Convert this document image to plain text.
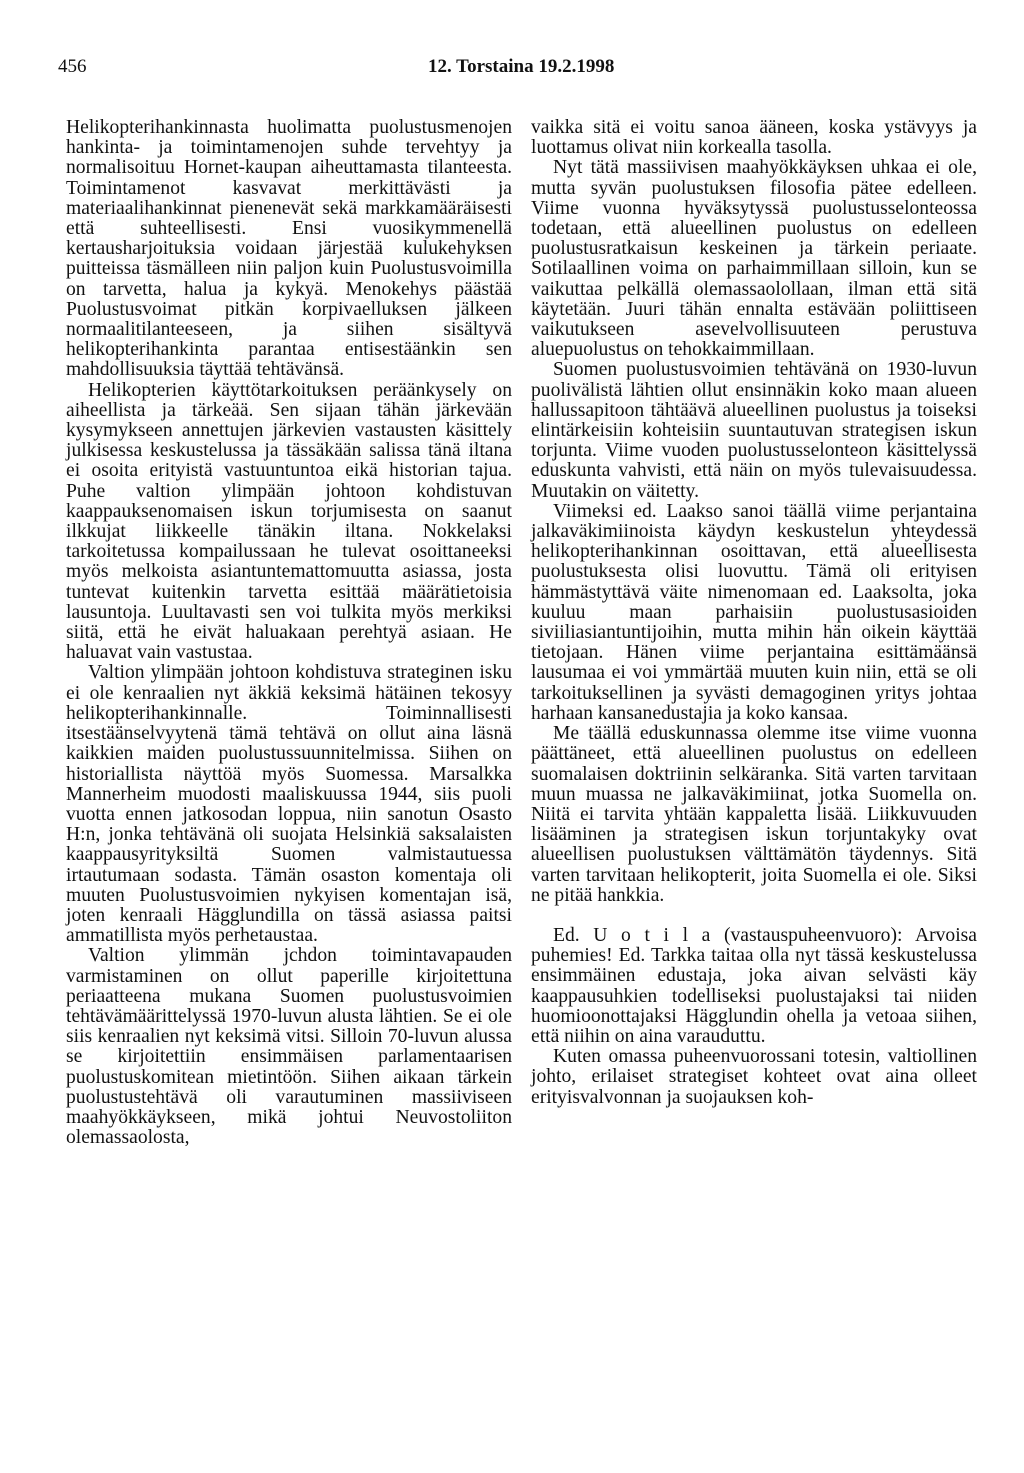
456	12. Torstaina 19.2.1998

Helikopterihankinnasta huolimatta puolustusmenojen hankinta- ja toimintamenojen suhde tervehtyy ja normalisoituu Hornet-kaupan aiheuttamasta tilanteesta. Toimintamenot kasvavat merkittävästi ja materiaalihankinnat pienenevät sekä markkamääräisesti että suhteellisesti. Ensi vuosikymmenellä kertausharjoituksia voidaan järjestää kulukehyksen puitteissa täsmälleen niin paljon kuin Puolustusvoimilla on tarvetta, halua ja kykyä. Menokehys päästää Puolustusvoimat pitkän korpivaelluksen jälkeen normaalitilanteeseen, ja siihen sisältyvä helikopterihankinta parantaa entisestäänkin sen mahdollisuuksia täyttää tehtävänsä.

Helikopterien käyttötarkoituksen peräänkysely on aiheellista ja tärkeää. Sen sijaan tähän järkevään kysymykseen annettujen järkevien vastausten käsittely julkisessa keskustelussa ja tässäkään salissa tänä iltana ei osoita erityistä vastuuntuntoa eikä historian tajua. Puhe valtion ylimpään johtoon kohdistuvan kaappauksenomaisen iskun torjumisesta on saanut ilkkujat liikkeelle tänäkin iltana. Nokkelaksi tarkoitetussa kompailussaan he tulevat osoittaneeksi myös melkoista asiantuntemattomuutta asiassa, josta tuntevat kuitenkin tarvetta esittää määrätietoisia lausuntoja. Luultavasti sen voi tulkita myös merkiksi siitä, että he eivät haluakaan perehtyä asiaan. He haluavat vain vastustaa.

Valtion ylimpään johtoon kohdistuva strateginen isku ei ole kenraalien nyt äkkiä keksimä hätäinen tekosyy helikopterihankinnalle. Toiminnallisesti itsestäänselvyytenä tämä tehtävä on ollut aina läsnä kaikkien maiden puolustussuunnitelmissa. Siihen on historiallista näyttöä myös Suomessa. Marsalkka Mannerheim muodosti maaliskuussa 1944, siis puoli vuotta ennen jatkosodan loppua, niin sanotun Osasto H:n, jonka tehtävänä oli suojata Helsinkiä saksalaisten kaappausyrityksiltä Suomen valmistautuessa irtautumaan sodasta. Tämän osaston komentaja oli muuten Puolustusvoimien nykyisen komentajan isä, joten kenraali Hägglundilla on tässä asiassa paitsi ammatillista myös perhetaustaa.

Valtion ylimmän jchdon toimintavapauden varmistaminen on ollut paperille kirjoitettuna periaatteena mukana Suomen puolustusvoimien tehtävämäärittelyssä 1970-luvun alusta lähtien. Se ei ole siis kenraalien nyt keksimä vitsi. Silloin 70-luvun alussa se kirjoitettiin ensimmäisen parlamentaarisen puolustuskomitean mietintöön. Siihen aikaan tärkein puolustustehtävä oli varautuminen massiiviseen maahyökkäykseen, mikä johtui Neuvostoliiton olemassaolosta,

vaikka sitä ei voitu sanoa ääneen, koska ystävyys ja luottamus olivat niin korkealla tasolla.

Nyt tätä massiivisen maahyökkäyksen uhkaa ei ole, mutta syvän puolustuksen filosofia pätee edelleen. Viime vuonna hyväksytyssä puolustusselonteossa todetaan, että alueellinen puolustus on edelleen puolustusratkaisun keskeinen ja tärkein periaate. Sotilaallinen voima on parhaimmillaan silloin, kun se vaikuttaa pelkällä olemassaolollaan, ilman että sitä käytetään. Juuri tähän ennalta estävään poliittiseen vaikutukseen asevelvollisuuteen perustuva aluepuolustus on tehokkaimmillaan.

Suomen puolustusvoimien tehtävänä on 1930-luvun puolivälistä lähtien ollut ensinnäkin koko maan alueen hallussapitoon tähtäävä alueellinen puolustus ja toiseksi elintärkeisiin kohteisiin suuntautuvan strategisen iskun torjunta. Viime vuoden puolustusselonteon käsittelyssä eduskunta vahvisti, että näin on myös tulevaisuudessa. Muutakin on väitetty.

Viimeksi ed. Laakso sanoi täällä viime perjantaina jalkaväkimiinoista käydyn keskustelun yhteydessä helikopterihankinnan osoittavan, että alueellisesta puolustuksesta olisi luovuttu. Tämä oli erityisen hämmästyttävä väite nimenomaan ed. Laaksolta, joka kuuluu maan parhaisiin puolustusasioiden siviiliasiantuntijoihin, mutta mihin hän oikein käyttää tietojaan. Hänen viime perjantaina esittämäänsä lausumaa ei voi ymmärtää muuten kuin niin, että se oli tarkoituksellinen ja syvästi demagoginen yritys johtaa harhaan kansanedustajia ja koko kansaa.

Me täällä eduskunnassa olemme itse viime vuonna päättäneet, että alueellinen puolustus on edelleen suomalaisen doktriinin selkäranka. Sitä varten tarvitaan muun muassa ne jalkaväkimiinat, jotka Suomella on. Niitä ei tarvita yhtään kappaletta lisää. Liikkuvuuden lisääminen ja strategisen iskun torjuntakyky ovat alueellisen puolustuksen välttämätön täydennys. Sitä varten tarvitaan helikopterit, joita Suomella ei ole. Siksi ne pitää hankkia.

Ed. U o t i l a (vastauspuheenvuoro): Arvoisa puhemies! Ed. Tarkka taitaa olla nyt tässä keskustelussa ensimmäinen edustaja, joka aivan selvästi käy kaappausuhkien todelliseksi puolustajaksi tai niiden huomioonottajaksi Hägglundin ohella ja vetoaa siihen, että niihin on aina varauduttu.

Kuten omassa puheenvuorossani totesin, valtiollinen johto, erilaiset strategiset kohteet ovat aina olleet erityisvalvonnan ja suojauksen koh-
